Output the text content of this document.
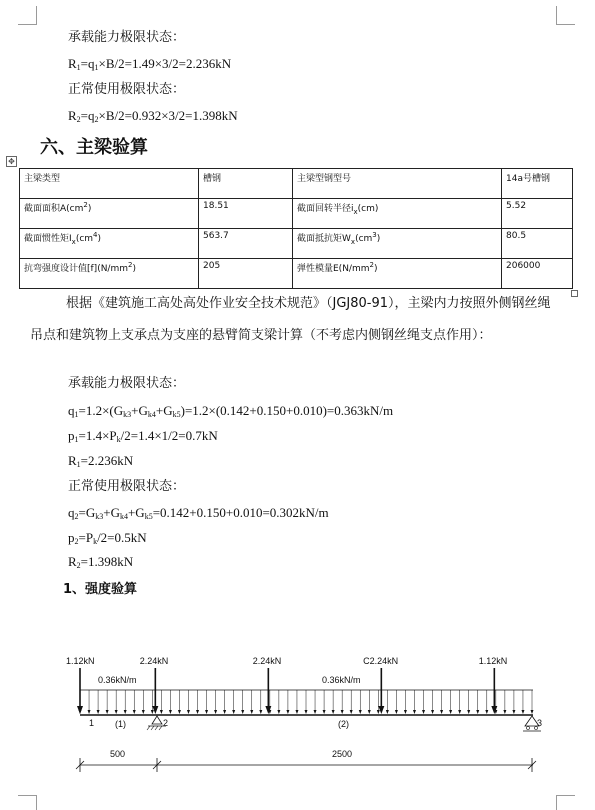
承载能力极限状态：
$R_1=q_1\times B/2=1.49\times 3/2=2.236kN$
正常使用极限状态：
$R_2=q_2\times B/2=0.932\times 3/2=1.398kN$
六、主梁验算
✥
主梁类型	槽钢	主梁型钢型号	14a号槽钢
截面面积$A(cm^2)$	18.51	截面回转半径$i_x(cm)$	5.52
截面惯性矩$I_x(cm^4)$	563.7	截面抵抗矩$W_x(cm^3)$	80.5
抗弯强度设计值$[f](N/mm^2)$	205	弹性模量$E(N/mm^2)$	206000
根据《建筑施工高处高处作业安全技术规范》（JGJ80-91），主梁内力按照外侧钢丝绳吊点和建筑物上支承点为支座的悬臂简支梁计算（不考虑内侧钢丝绳支点作用）：
承载能力极限状态：
$q_1=1.2\times(G_{k3}+G_{k4}+G_{k5})=1.2\times(0.142+0.150+0.010)=0.363kN/m$
$p_1=1.4\times P_k/2=1.4\times 1/2=0.7kN$
$R_1=2.236kN$
正常使用极限状态：
$q_2=G_{k3}+G_{k4}+G_{k5}=0.142+0.150+0.010=0.302kN/m$
$p_2=P_k/2=0.5kN$
$R_2=1.398kN$
1、强度验算
1.12kN	2.24kN	2.24kN	C2.24kN	1.12kN
0.36kN/m	0.36kN/m
1	2	3
(1)	(2)
500	2500
